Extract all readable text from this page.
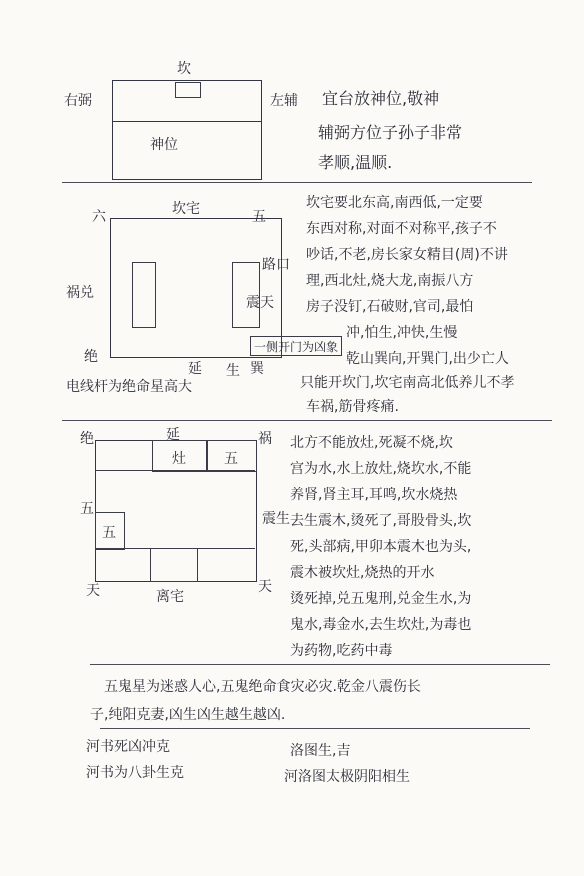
坎
右弼	左辅
神位
宜台放神位,敬神
辅弼方位子孙子非常
孝顺,温顺.
六	坎宅	五
祸兑
路口
震天
一侧开门为凶象
绝
延 生 巽
电线杆为绝命星高大
坎宅要北东高,南西低,一定要
东西对称,对面不对称平,孩子不
吵话,不老,房长家女精目(周)不讲
理,西北灶,烧大龙,南振八方
房子没钉,石破财,官司,最怕
冲,怕生,冲快,生慢
乾山巽向,开巽门,出少亡人
只能开坎门,坎宅南高北低养儿不孝
车祸,筋骨疼痛.
绝	延	祸
灶	五
五
五
震生
天	离宅
天
北方不能放灶,死凝不烧,坎
宫为水,水上放灶,烧坎水,不能
养肾,肾主耳,耳鸣,坎水烧热
去生震木,烫死了,哥股骨头,坎
死,头部病,甲卯本震木也为头,
震木被坎灶,烧热的开水
烫死掉,兑五鬼刑,兑金生水,为
鬼水,毒金水,去生坎灶,为毒也
为药物,吃药中毒
五鬼星为迷惑人心,五鬼绝命食灾必灾.乾金八震伤长
子,纯阳克妻,凶生凶生越生越凶.
河书死凶冲克
河书为八卦生克
洛图生,吉
河洛图太极阴阳相生
